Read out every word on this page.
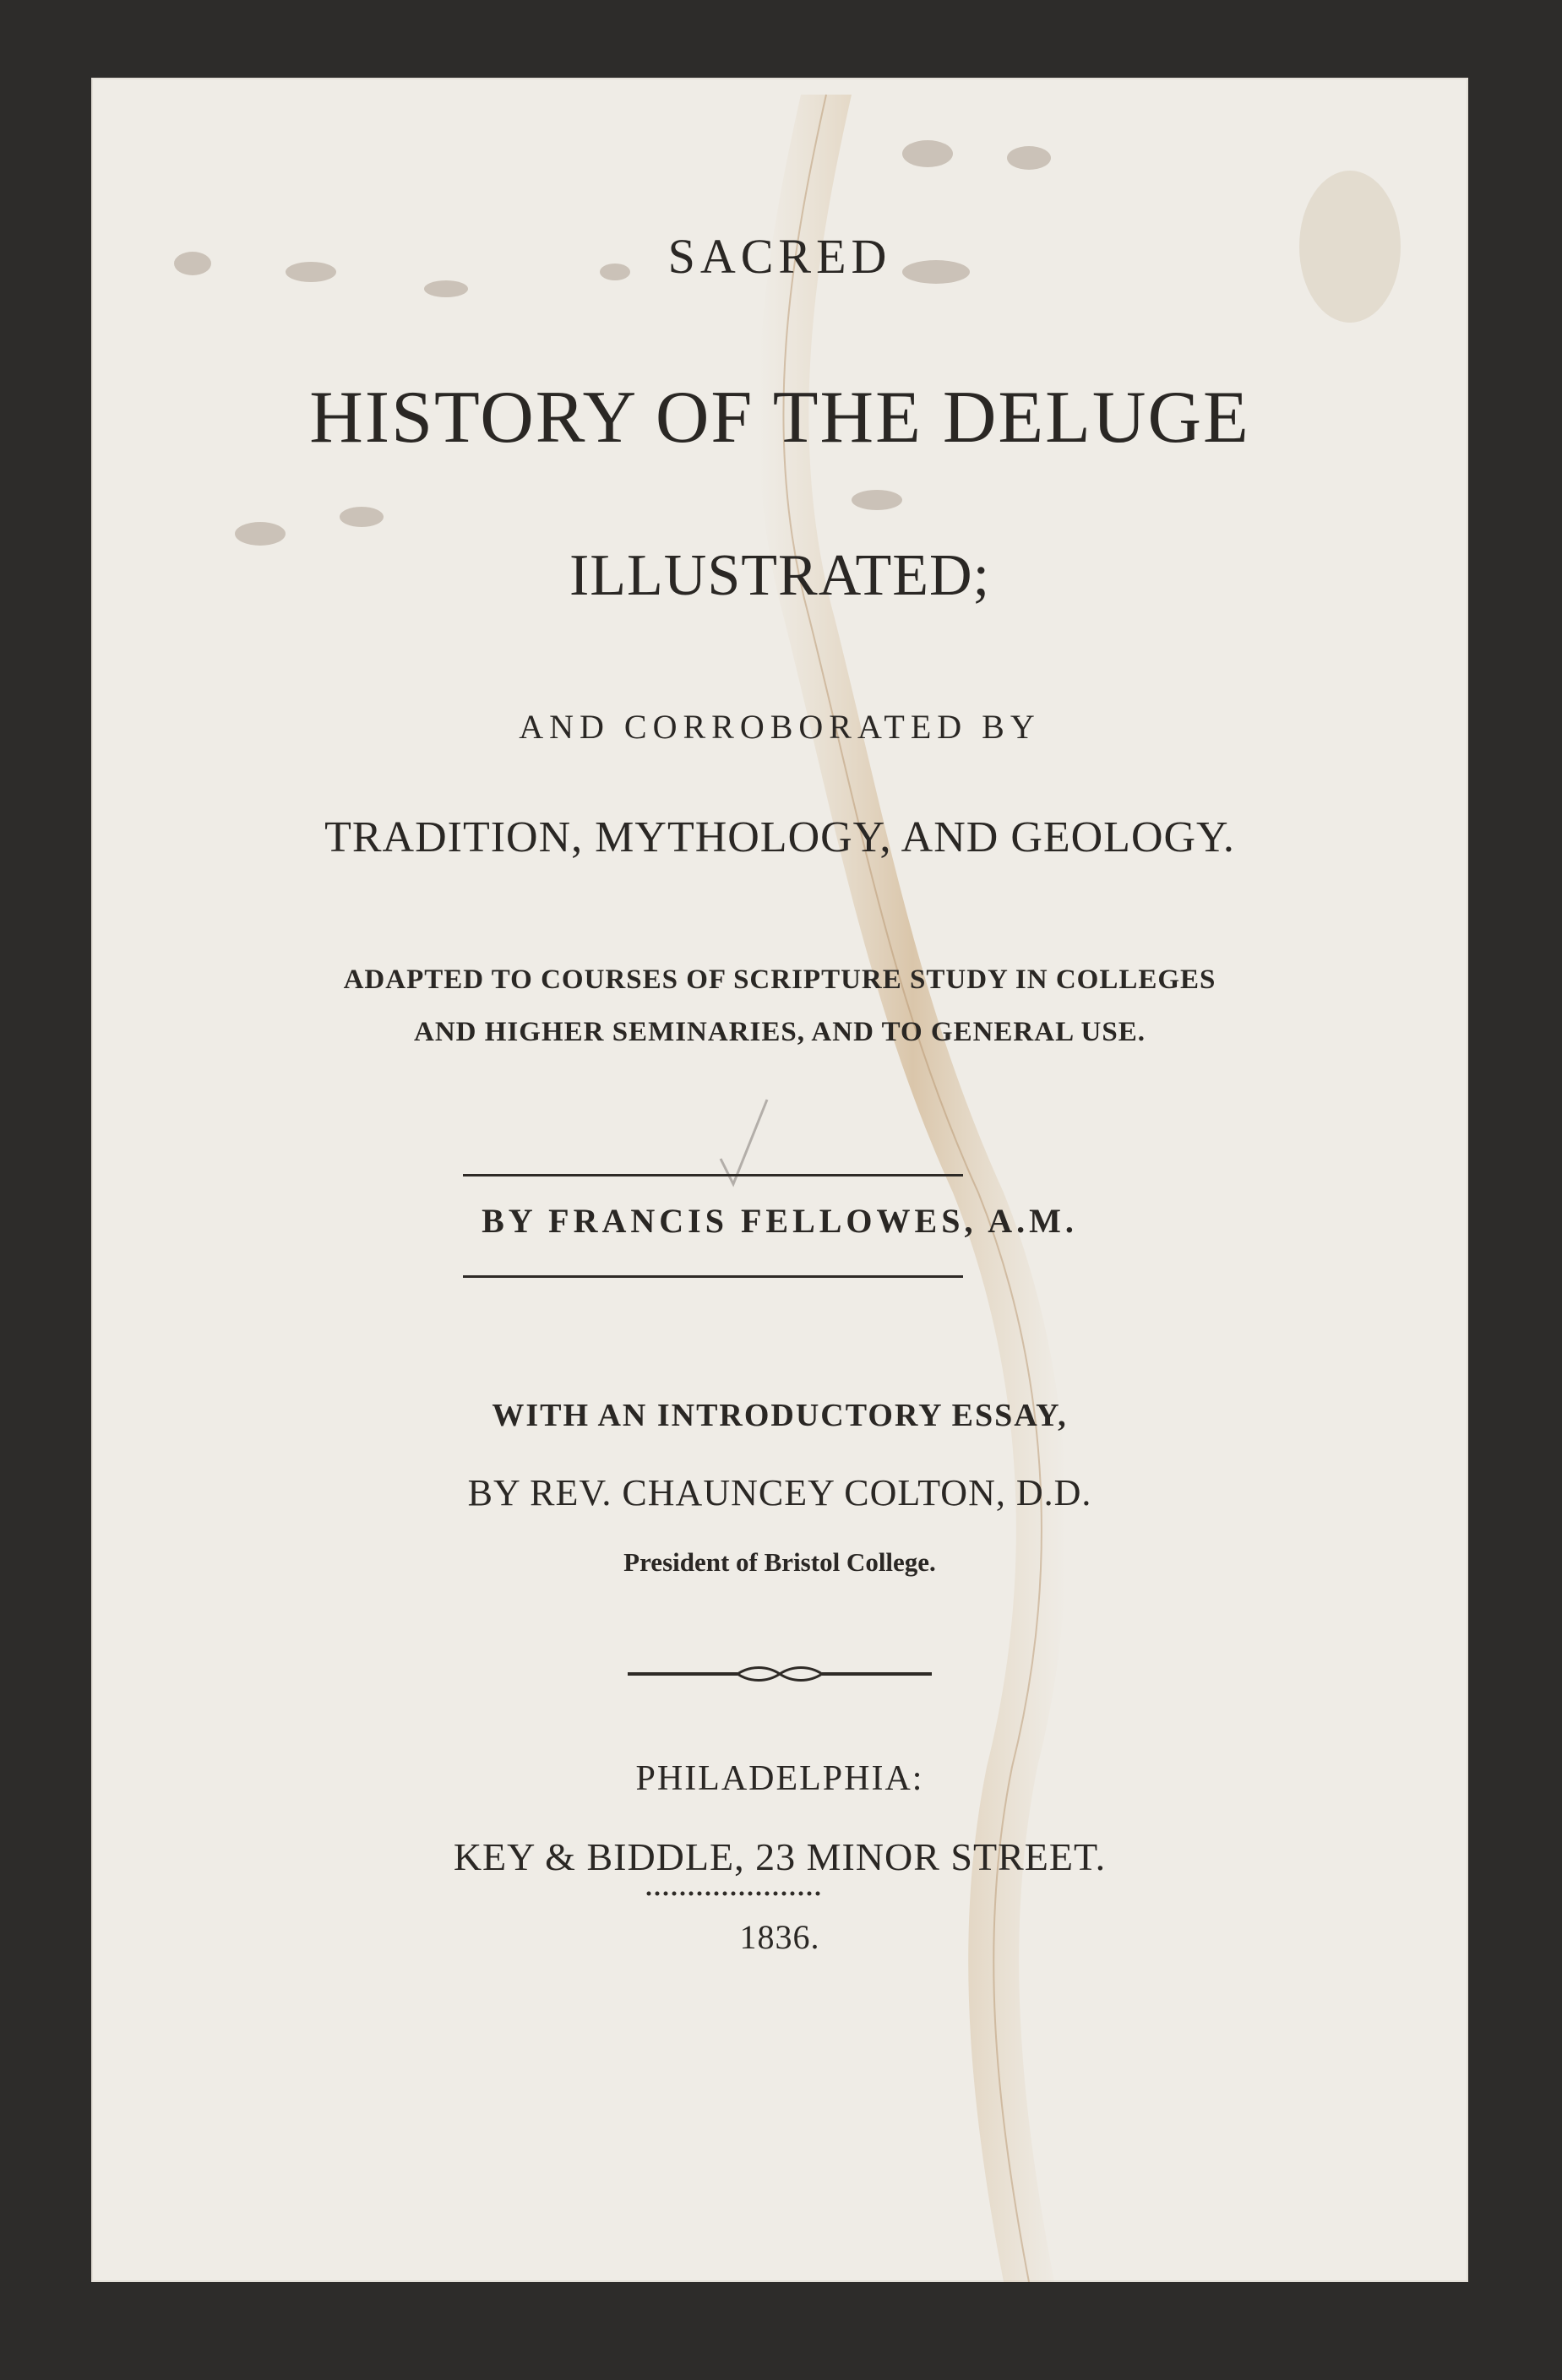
SACRED
HISTORY OF THE DELUGE
ILLUSTRATED;
AND CORROBORATED BY
TRADITION, MYTHOLOGY, AND GEOLOGY.
ADAPTED TO COURSES OF SCRIPTURE STUDY IN COLLEGES
AND HIGHER SEMINARIES, AND TO GENERAL USE.
BY FRANCIS FELLOWES, A.M.
WITH AN INTRODUCTORY ESSAY,
BY REV. CHAUNCEY COLTON, D.D.
President of Bristol College.
PHILADELPHIA:
KEY & BIDDLE, 23 MINOR STREET.
1836.
